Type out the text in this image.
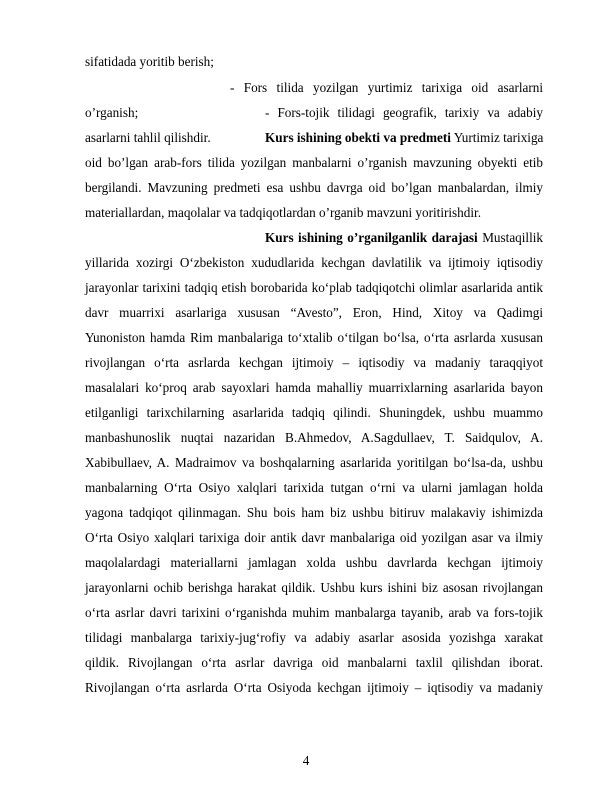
sifatidada yoritib berish;
- Fors tilida yozilgan yurtimiz tarixiga oid asarlarni
o’rganish;	- Fors-tojik tilidagi geografik, tarixiy va adabiy
asarlarni tahlil qilishdir.	Kurs ishining obekti va predmeti Yurtimiz tarixiga
oid bo’lgan arab-fors tilida yozilgan manbalarni o’rganish mavzuning obyekti etib
bergilandi. Mavzuning predmeti esa ushbu davrga oid bo’lgan manbalardan, ilmiy
materiallardan, maqolalar va tadqiqotlardan o’rganib mavzuni yoritirishdir.
Kurs ishining o’rganilganlik darajasi Mustaqillik
yillarida xozirgi O‘zbekiston xududlarida kechgan davlatilik va ijtimoiy iqtisodiy
jarayonlar tarixini tadqiq etish borobarida ko‘plab tadqiqotchi olimlar asarlarida antik
davr muarrixi asarlariga xususan “Avesto”, Eron, Hind, Xitoy va Qadimgi
Yunoniston hamda Rim manbalariga to‘xtalib o‘tilgan bo‘lsa, o‘rta asrlarda xususan
rivojlangan o‘rta asrlarda kechgan ijtimoiy – iqtisodiy va madaniy taraqqiyot
masalalari ko‘proq arab sayoxlari hamda mahalliy muarrixlarning asarlarida bayon
etilganligi tarixchilarning asarlarida tadqiq qilindi. Shuningdek, ushbu muammo
manbashunoslik nuqtai nazaridan B.Ahmedov, A.Sagdullaev, T. Saidqulov, A.
Xabibullaev, A. Madraimov va boshqalarning asarlarida yoritilgan bo‘lsa-da, ushbu
manbalarning O‘rta Osiyo xalqlari tarixida tutgan o‘rni va ularni jamlagan holda
yagona tadqiqot qilinmagan. Shu bois ham biz ushbu bitiruv malakaviy ishimizda
O‘rta Osiyo xalqlari tarixiga doir antik davr manbalariga oid yozilgan asar va ilmiy
maqolalardagi materiallarni jamlagan xolda ushbu davrlarda kechgan ijtimoiy
jarayonlarni ochib berishga harakat qildik. Ushbu kurs ishini biz asosan rivojlangan
o‘rta asrlar davri tarixini o‘rganishda muhim manbalarga tayanib, arab va fors-tojik
tilidagi manbalarga tarixiy-jug‘rofiy va adabiy asarlar asosida yozishga xarakat
qildik. Rivojlangan o‘rta asrlar davriga oid manbalarni taxlil qilishdan iborat.
Rivojlangan o‘rta asrlarda O‘rta Osiyoda kechgan ijtimoiy – iqtisodiy va madaniy
4
